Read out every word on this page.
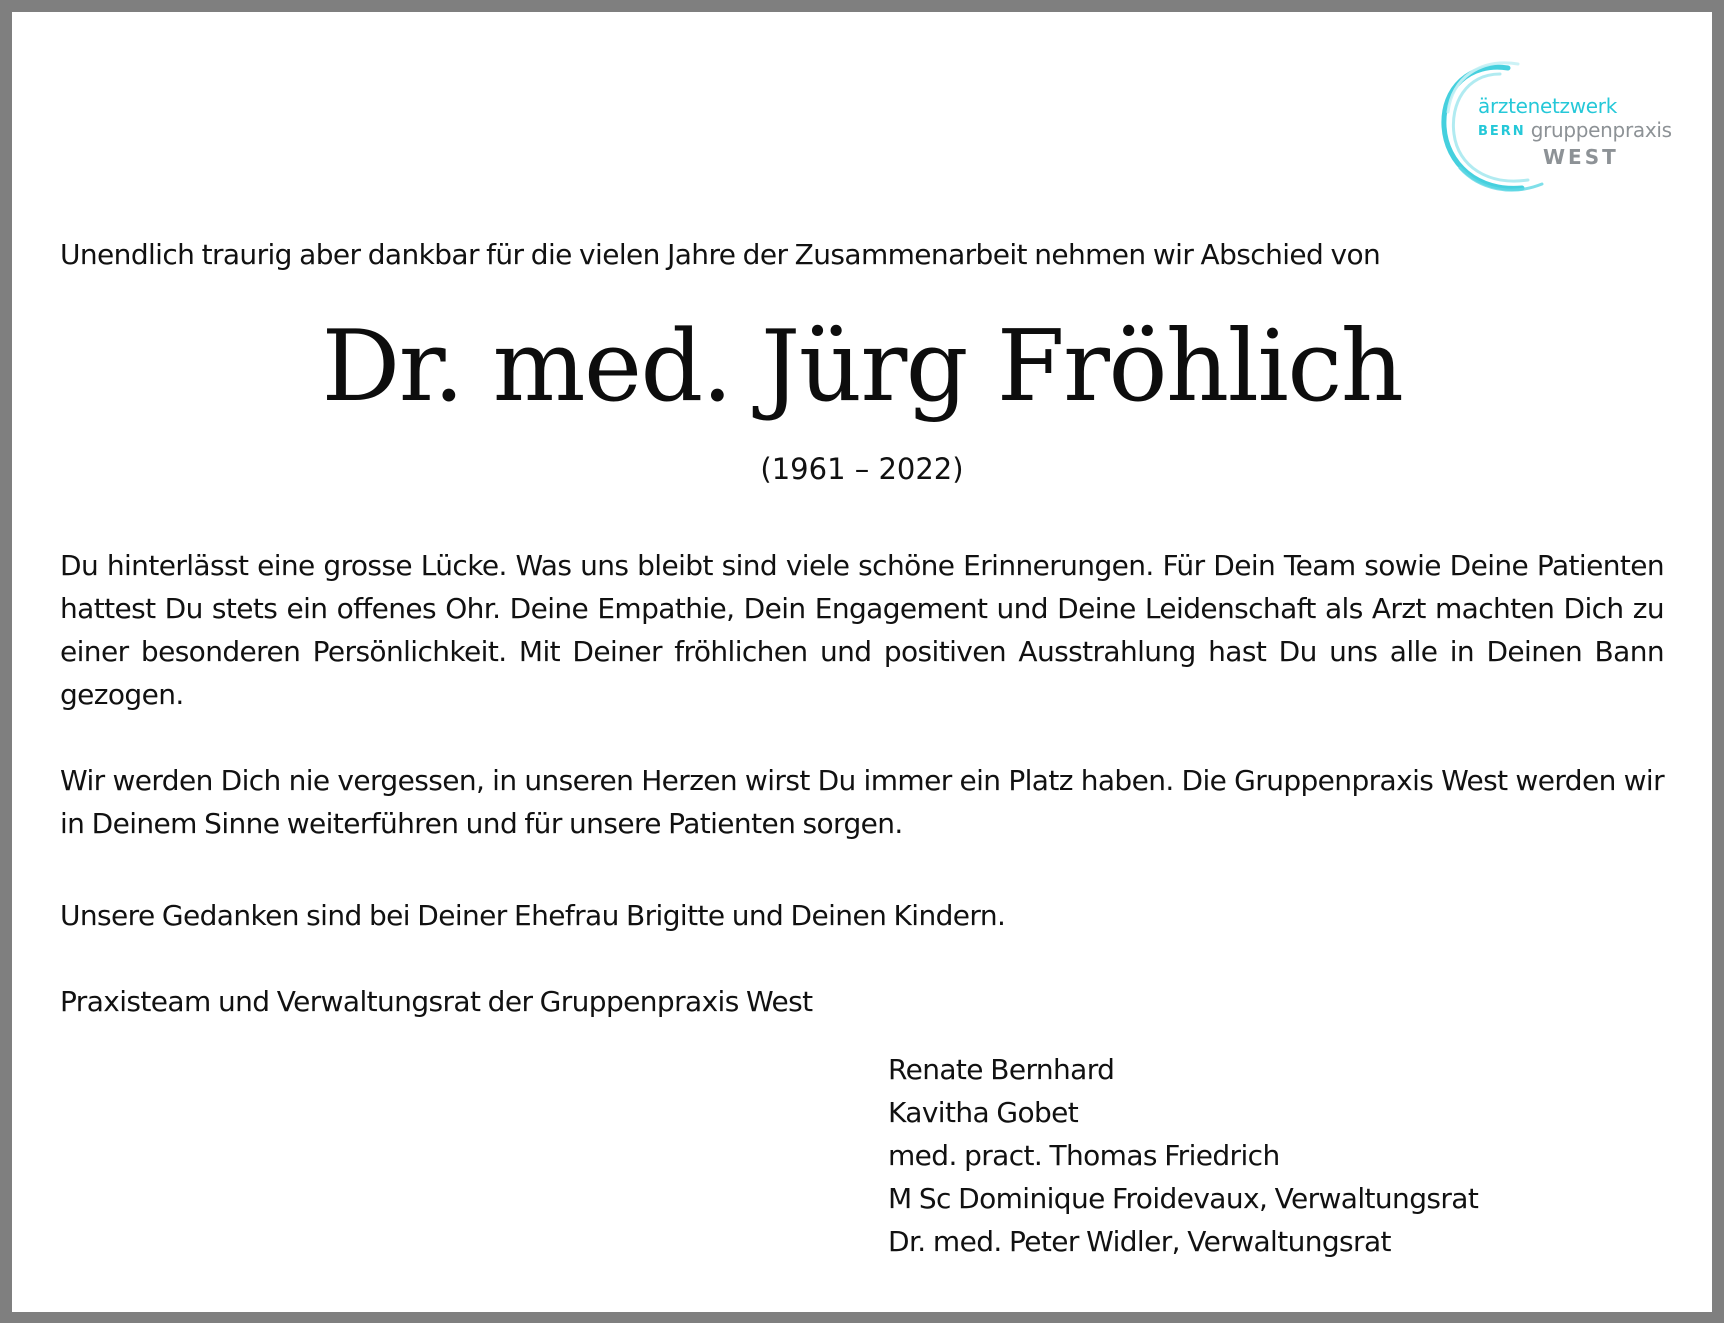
ärztenetzwerk
BERN gruppenpraxis
WEST
Unendlich traurig aber dankbar für die vielen Jahre der Zusammenarbeit nehmen wir Abschied von
Dr. med. Jürg Fröhlich
(1961 – 2022)
Du hinterlässt eine grosse Lücke. Was uns bleibt sind viele schöne Erinnerungen. Für Dein Team sowie Deine Patienten hattest Du stets ein offenes Ohr. Deine Empathie, Dein Engagement und Deine Leidenschaft als Arzt machten Dich zu einer besonderen Persönlichkeit. Mit Deiner fröhlichen und positiven Ausstrahlung hast Du uns alle in Deinen Bann gezogen.
Wir werden Dich nie vergessen, in unseren Herzen wirst Du immer ein Platz haben. Die Gruppenpraxis West werden wir in Deinem Sinne weiterführen und für unsere Patienten sorgen.
Unsere Gedanken sind bei Deiner Ehefrau Brigitte und Deinen Kindern.
Praxisteam und Verwaltungsrat der Gruppenpraxis West
Renate Bernhard
Kavitha Gobet
med. pract. Thomas Friedrich
M Sc Dominique Froidevaux, Verwaltungsrat
Dr. med. Peter Widler, Verwaltungsrat
